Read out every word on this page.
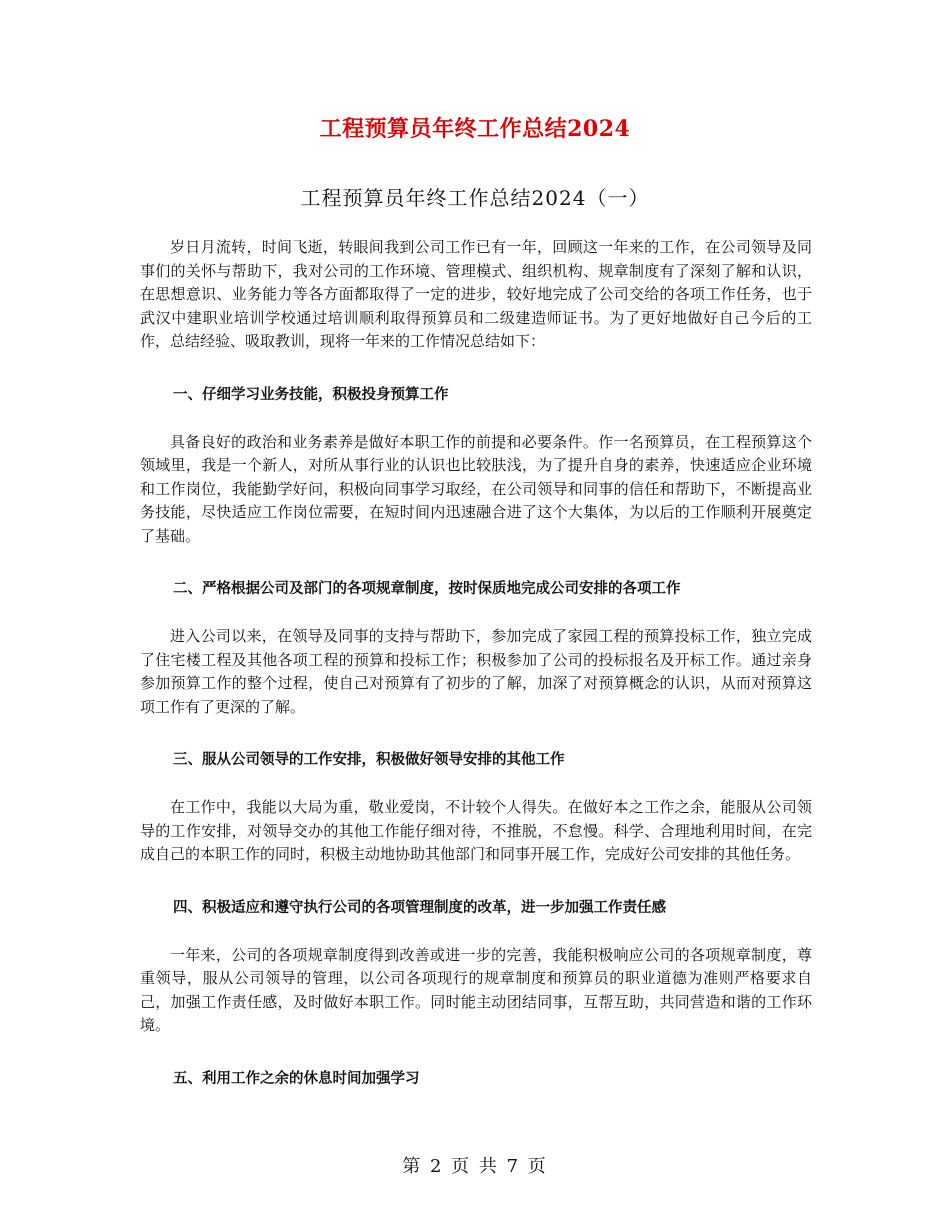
工程预算员年终工作总结2024
工程预算员年终工作总结2024（一）

岁日月流转，时间飞逝，转眼间我到公司工作已有一年，回顾这一年来的工作，在公司领导及同事们的关怀与帮助下，我对公司的工作环境、管理模式、组织机构、规章制度有了深刻了解和认识，在思想意识、业务能力等各方面都取得了一定的进步，较好地完成了公司交给的各项工作任务，也于武汉中建职业培训学校通过培训顺利取得预算员和二级建造师证书。为了更好地做好自己今后的工作，总结经验、吸取教训，现将一年来的工作情况总结如下：

一、仔细学习业务技能，积极投身预算工作

具备良好的政治和业务素养是做好本职工作的前提和必要条件。作一名预算员，在工程预算这个领域里，我是一个新人，对所从事行业的认识也比较肤浅，为了提升自身的素养，快速适应企业环境和工作岗位，我能勤学好问，积极向同事学习取经，在公司领导和同事的信任和帮助下，不断提高业务技能，尽快适应工作岗位需要，在短时间内迅速融合进了这个大集体，为以后的工作顺利开展奠定了基础。

二、严格根据公司及部门的各项规章制度，按时保质地完成公司安排的各项工作

进入公司以来，在领导及同事的支持与帮助下，参加完成了家园工程的预算投标工作，独立完成了住宅楼工程及其他各项工程的预算和投标工作；积极参加了公司的投标报名及开标工作。通过亲身参加预算工作的整个过程，使自己对预算有了初步的了解，加深了对预算概念的认识，从而对预算这项工作有了更深的了解。

三、服从公司领导的工作安排，积极做好领导安排的其他工作

在工作中，我能以大局为重，敬业爱岗，不计较个人得失。在做好本之工作之余，能服从公司领导的工作安排，对领导交办的其他工作能仔细对待，不推脱，不怠慢。科学、合理地利用时间，在完成自己的本职工作的同时，积极主动地协助其他部门和同事开展工作，完成好公司安排的其他任务。

四、积极适应和遵守执行公司的各项管理制度的改革，进一步加强工作责任感

一年来，公司的各项规章制度得到改善或进一步的完善，我能积极响应公司的各项规章制度，尊重领导，服从公司领导的管理，以公司各项现行的规章制度和预算员的职业道德为准则严格要求自己，加强工作责任感，及时做好本职工作。同时能主动团结同事，互帮互助，共同营造和谐的工作环境。

五、利用工作之余的休息时间加强学习

第 2 页 共 7 页
